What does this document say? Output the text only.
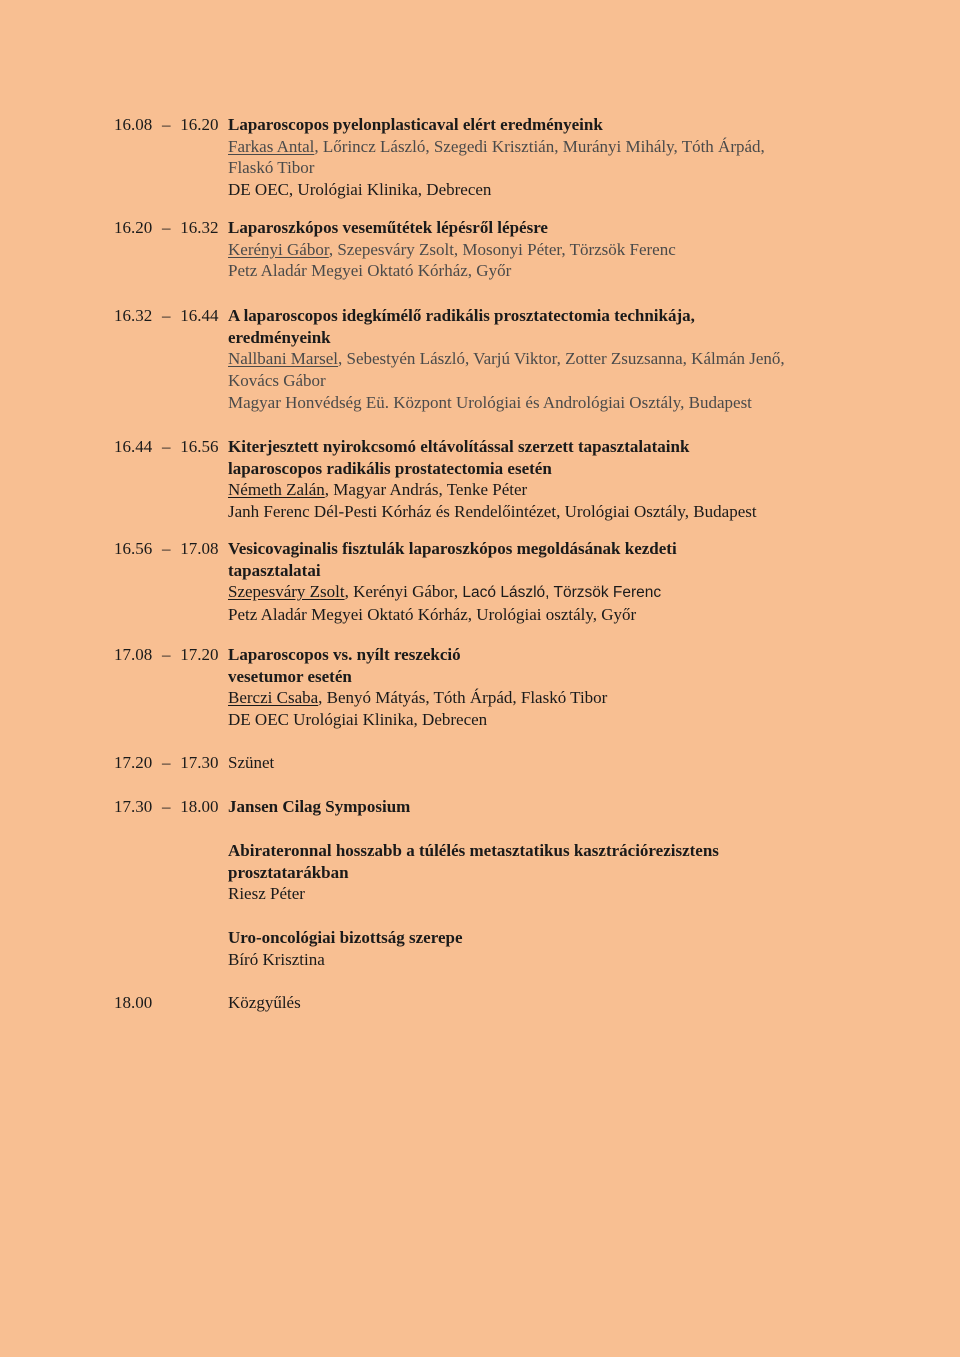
16.08 – 16.20 Laparoscopos pyelonplasticaval elért eredményeink
Farkas Antal, Lőrincz László, Szegedi Krisztián, Murányi Mihály, Tóth Árpád,
Flaskó Tibor
DE OEC, Urológiai Klinika, Debrecen
16.20 – 16.32 Laparoszkópos veseműtétek lépésről lépésre
Kerényi Gábor, Szepesváry Zsolt, Mosonyi Péter, Törzsök Ferenc
Petz Aladár Megyei Oktató Kórház, Győr
16.32 – 16.44 A laparoscopos idegkímélő radikális prosztatectomia technikája,
eredményeink
Nallbani Marsel, Sebestyén László, Varjú Viktor, Zotter Zsuzsanna, Kálmán Jenő,
Kovács Gábor
Magyar Honvédség Eü. Központ Urológiai és Andrológiai Osztály, Budapest
16.44 – 16.56 Kiterjesztett nyirokcsomó eltávolítással szerzett tapasztalataink
laparoscopos radikális prostatectomia esetén
Németh Zalán, Magyar András, Tenke Péter
Janh Ferenc Dél-Pesti Kórház és Rendelőintézet, Urológiai Osztály, Budapest
16.56 – 17.08 Vesicovaginalis fisztulák laparoszkópos megoldásának kezdeti
tapasztalatai
Szepesváry Zsolt, Kerényi Gábor, Lacó László, Törzsök Ferenc
Petz Aladár Megyei Oktató Kórház, Urológiai osztály, Győr
17.08 – 17.20 Laparoscopos vs. nyílt reszekció
vesetumor esetén
Berczi Csaba, Benyó Mátyás, Tóth Árpád, Flaskó Tibor
DE OEC Urológiai Klinika, Debrecen
17.20 – 17.30 Szünet
17.30 – 18.00 Jansen Cilag Symposium
Abirateronnal hosszabb a túlélés metasztatikus kasztrációrezisztens
prosztatarákban
Riesz Péter
Uro-oncológiai bizottság szerepe
Bíró Krisztina
18.00	Közgyűlés
